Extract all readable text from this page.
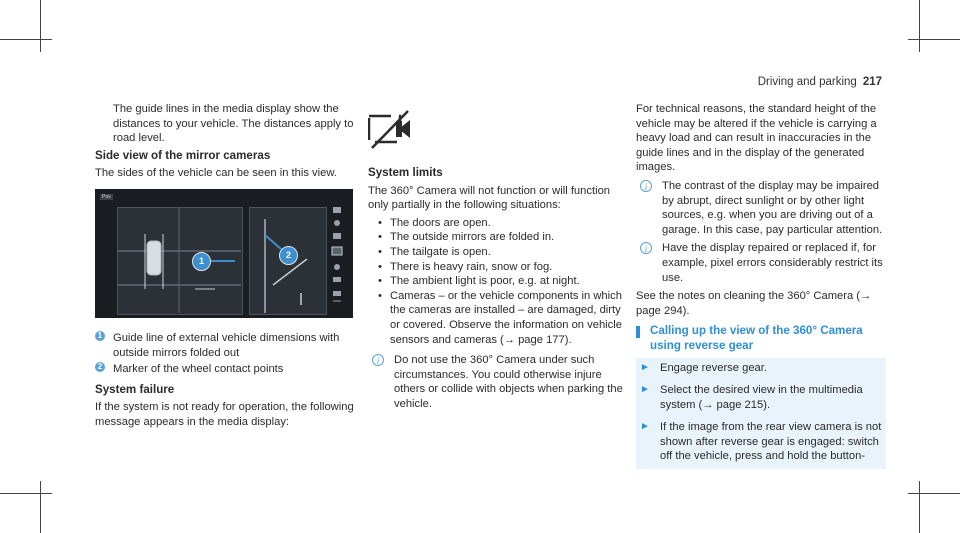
Driving and parking 217

The guide lines in the media display show the distances to your vehicle. The distances apply to road level.

Side view of the mirror cameras

The sides of the vehicle can be seen in this view.

Pos
1
2
1 Guide line of external vehicle dimensions with outside mirrors folded out
2 Marker of the wheel contact points

System failure

If the system is not ready for operation, the following message appears in the media display:

System limits

The 360° Camera will not function or will function only partially in the following situations:

• The doors are open.
• The outside mirrors are folded in.
• The tailgate is open.
• There is heavy rain, snow or fog.
• The ambient light is poor, e.g. at night.
• Cameras – or the vehicle components in which the cameras are installed – are damaged, dirty or covered. Observe the information on vehicle sensors and cameras (→ page 177).
i	Do not use the 360° Camera under such circumstances. You could otherwise injure others or collide with objects when parking the vehicle.

For technical reasons, the standard height of the vehicle may be altered if the vehicle is carrying a heavy load and can result in inaccuracies in the guide lines and in the display of the generated images.

i	The contrast of the display may be impaired by abrupt, direct sunlight or by other light sources, e.g. when you are driving out of a garage. In this case, pay particular attention.
i	Have the display repaired or replaced if, for example, pixel errors considerably restrict its use.

See the notes on cleaning the 360° Camera (→ page 294).

Calling up the view of the 360° Camera using reverse gear
► Engage reverse gear.
► Select the desired view in the multimedia system (→ page 215).
► If the image from the rear view camera is not shown after reverse gear is engaged: switch off the vehicle, press and hold the button-
